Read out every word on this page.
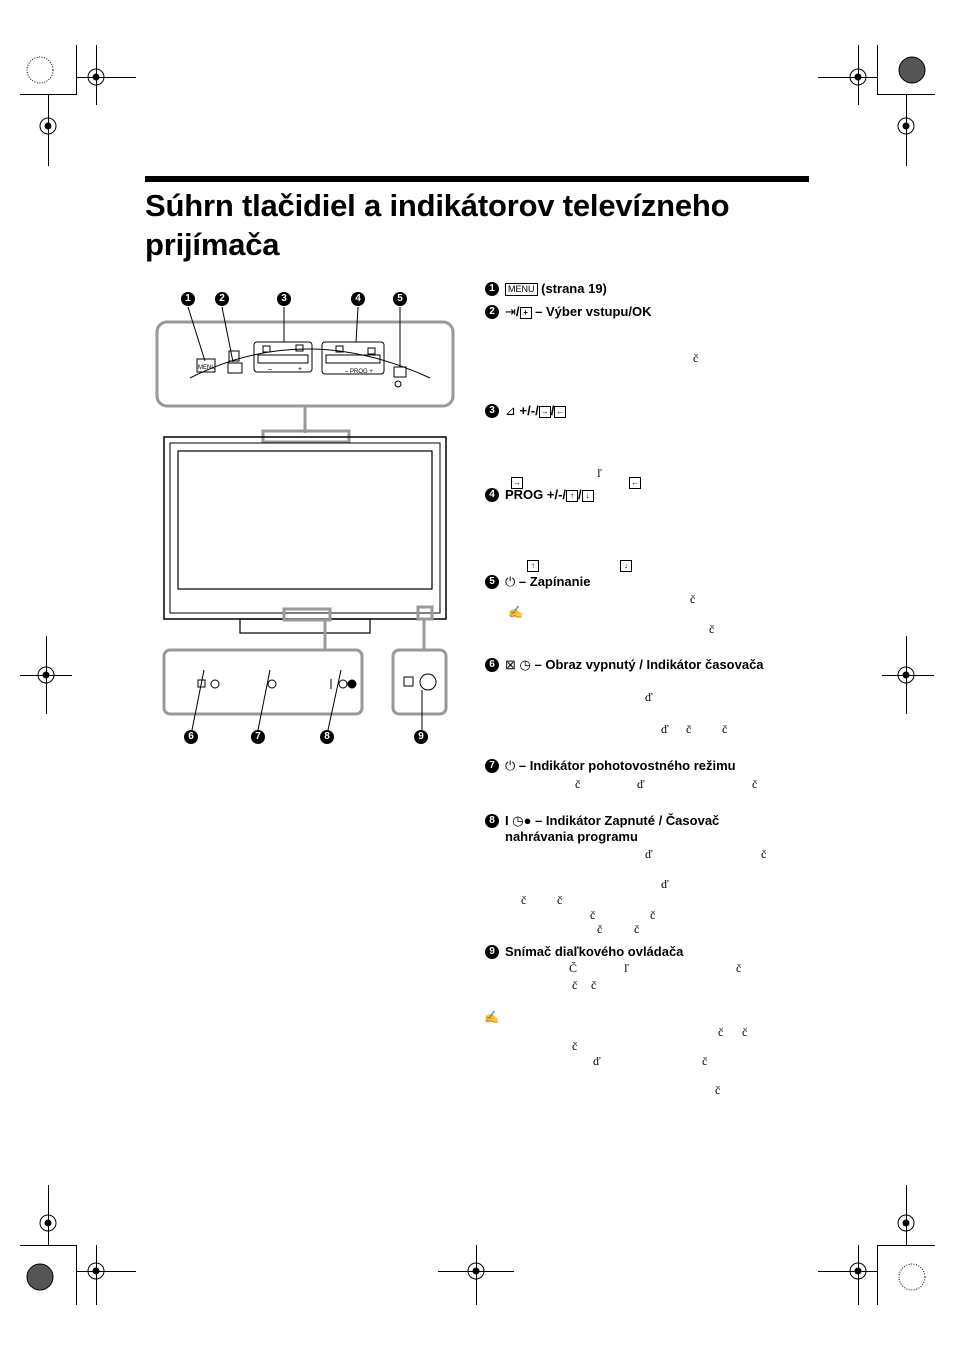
Súhrn tlačidiel a indikátorov televízneho prijímača
MENU
– PROG +
–	+
1	2	3	4	5
6	7	8	9
1	MENU (strana 19)
2 ⇥/ + – Výber vstupu/OK
3 ⊿ +/-/ → / ←
4 PROG +/-/ ↑ / ↓
5 ⏻ – Zapínanie
6 ⊠ ◷ – Obraz vypnutý / Indikátor časovača
7 ⏻ – Indikátor pohotovostného režimu
8 I ◷● – Indikátor Zapnuté / Časovač nahrávania programu
9 Snímač diaľkového ovládača
č
→
ľ
←
↑	↓
č
✍
č
ď
ď č	č
č	ď	č
ď	č
ď
č	č
č	č
č	č
Č	ľ	č
č č
✍
č č
č
ď	č
č
